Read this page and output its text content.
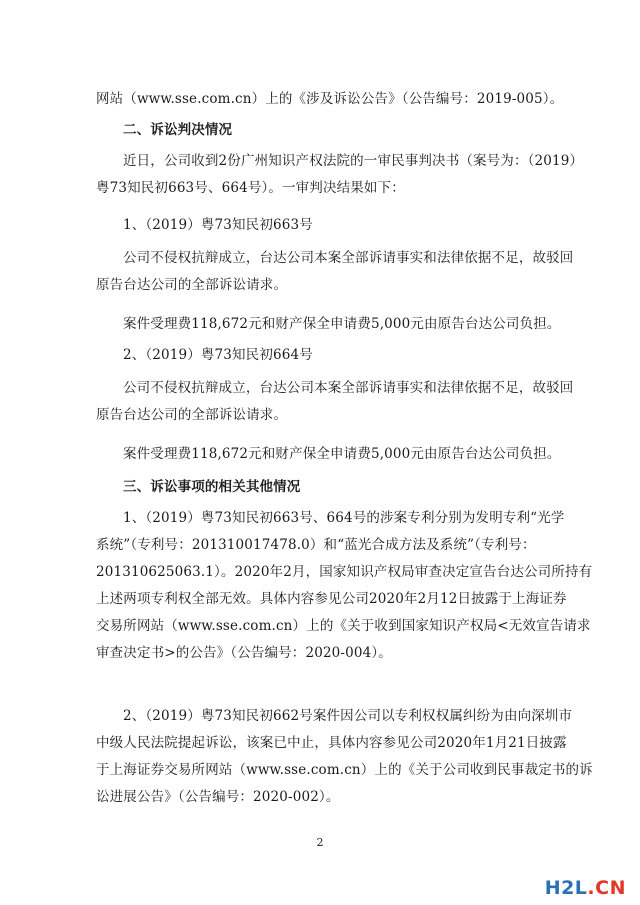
网站（www.sse.com.cn）上的《涉及诉讼公告》（公告编号：2019-005）。
二、诉讼判决情况
近日，公司收到2份广州知识产权法院的一审民事判决书（案号为：（2019）
粤73知民初663号、664号）。一审判决结果如下：
1、（2019）粤73知民初663号
公司不侵权抗辩成立，台达公司本案全部诉请事实和法律依据不足，故驳回
原告台达公司的全部诉讼请求。
案件受理费118,672元和财产保全申请费5,000元由原告台达公司负担。
2、（2019）粤73知民初664号
公司不侵权抗辩成立，台达公司本案全部诉请事实和法律依据不足，故驳回
原告台达公司的全部诉讼请求。
案件受理费118,672元和财产保全申请费5,000元由原告台达公司负担。
三、诉讼事项的相关其他情况
1、（2019）粤73知民初663号、664号的涉案专利分别为发明专利“光学
系统”（专利号：201310017478.0）和“蓝光合成方法及系统”（专利号：
201310625063.1）。2020年2月，国家知识产权局审查决定宣告台达公司所持有
上述两项专利权全部无效。具体内容参见公司2020年2月12日披露于上海证券
交易所网站（www.sse.com.cn）上的《关于收到国家知识产权局<无效宣告请求
审查决定书>的公告》（公告编号：2020-004）。
2、（2019）粤73知民初662号案件因公司以专利权权属纠纷为由向深圳市
中级人民法院提起诉讼，该案已中止，具体内容参见公司2020年1月21日披露
于上海证券交易所网站（www.sse.com.cn）上的《关于公司收到民事裁定书的诉
讼进展公告》（公告编号：2020-002）。
2
H2L.CN
